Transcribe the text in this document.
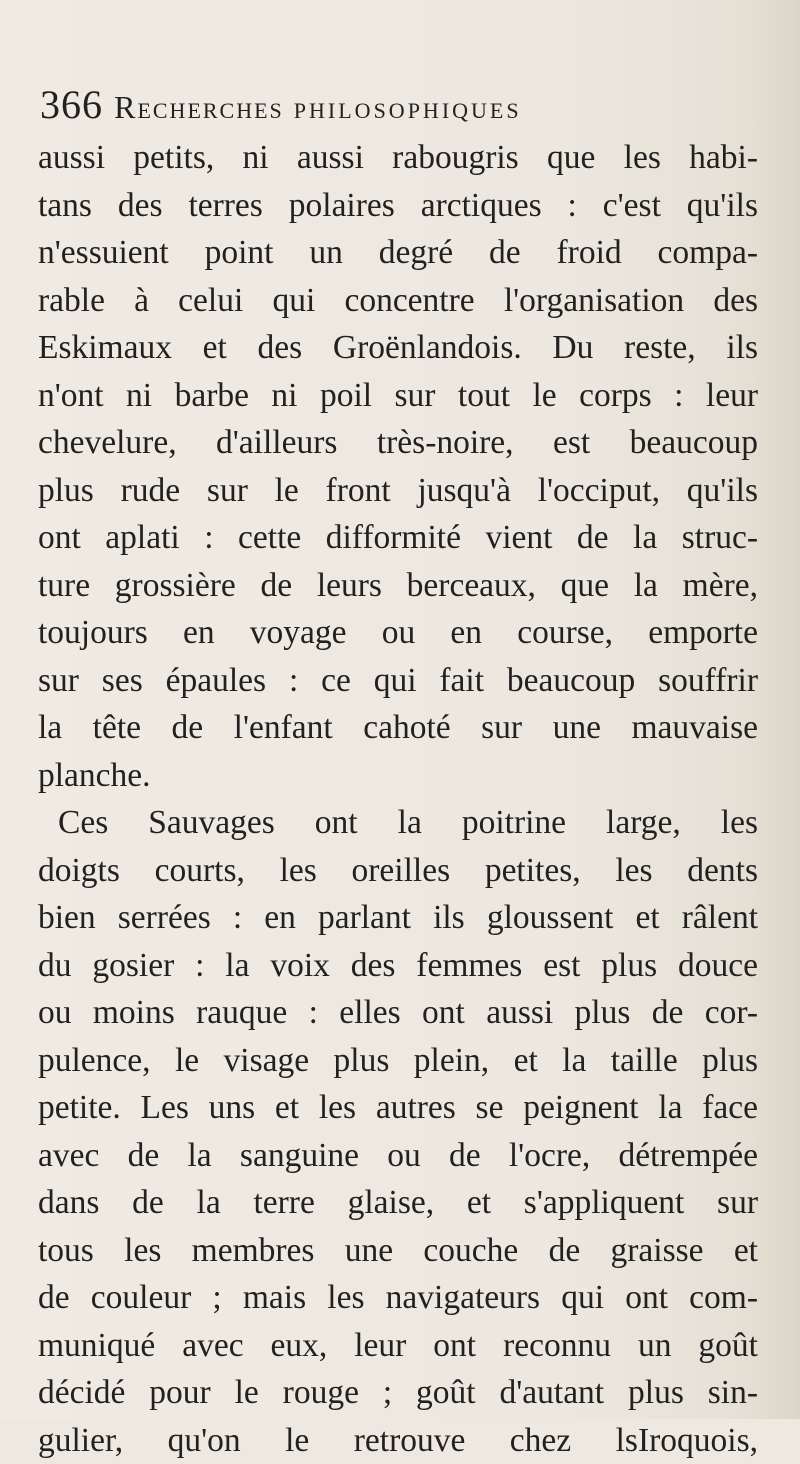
366 Recherches PHILOSOPHIQUES
aussi petits, ni aussi rabougris que les habi-
tans des terres polaires arctiques : c'est qu'ils
n'essuient point un degré de froid compa-
rable à celui qui concentre l'organisation des
Eskimaux et des Groënlandois. Du reste, ils
n'ont ni barbe ni poil sur tout le corps : leur
chevelure, d'ailleurs très-noire, est beaucoup
plus rude sur le front jusqu'à l'occiput, qu'ils
ont aplati : cette difformité vient de la struc-
ture grossière de leurs berceaux, que la mère,
toujours en voyage ou en course, emporte
sur ses épaules : ce qui fait beaucoup souffrir
la tête de l'enfant cahoté sur une mauvaise
planche.
Ces Sauvages ont la poitrine large, les
doigts courts, les oreilles petites, les dents
bien serrées : en parlant ils gloussent et râlent
du gosier : la voix des femmes est plus douce
ou moins rauque : elles ont aussi plus de cor-
pulence, le visage plus plein, et la taille plus
petite. Les uns et les autres se peignent la face
avec de la sanguine ou de l'ocre, détrempée
dans de la terre glaise, et s'appliquent sur
tous les membres une couche de graisse et
de couleur ; mais les navigateurs qui ont com-
muniqué avec eux, leur ont reconnu un goût
décidé pour le rouge ; goût d'autant plus sin-
gulier, qu'on le retrouve chez lsIroquois,
